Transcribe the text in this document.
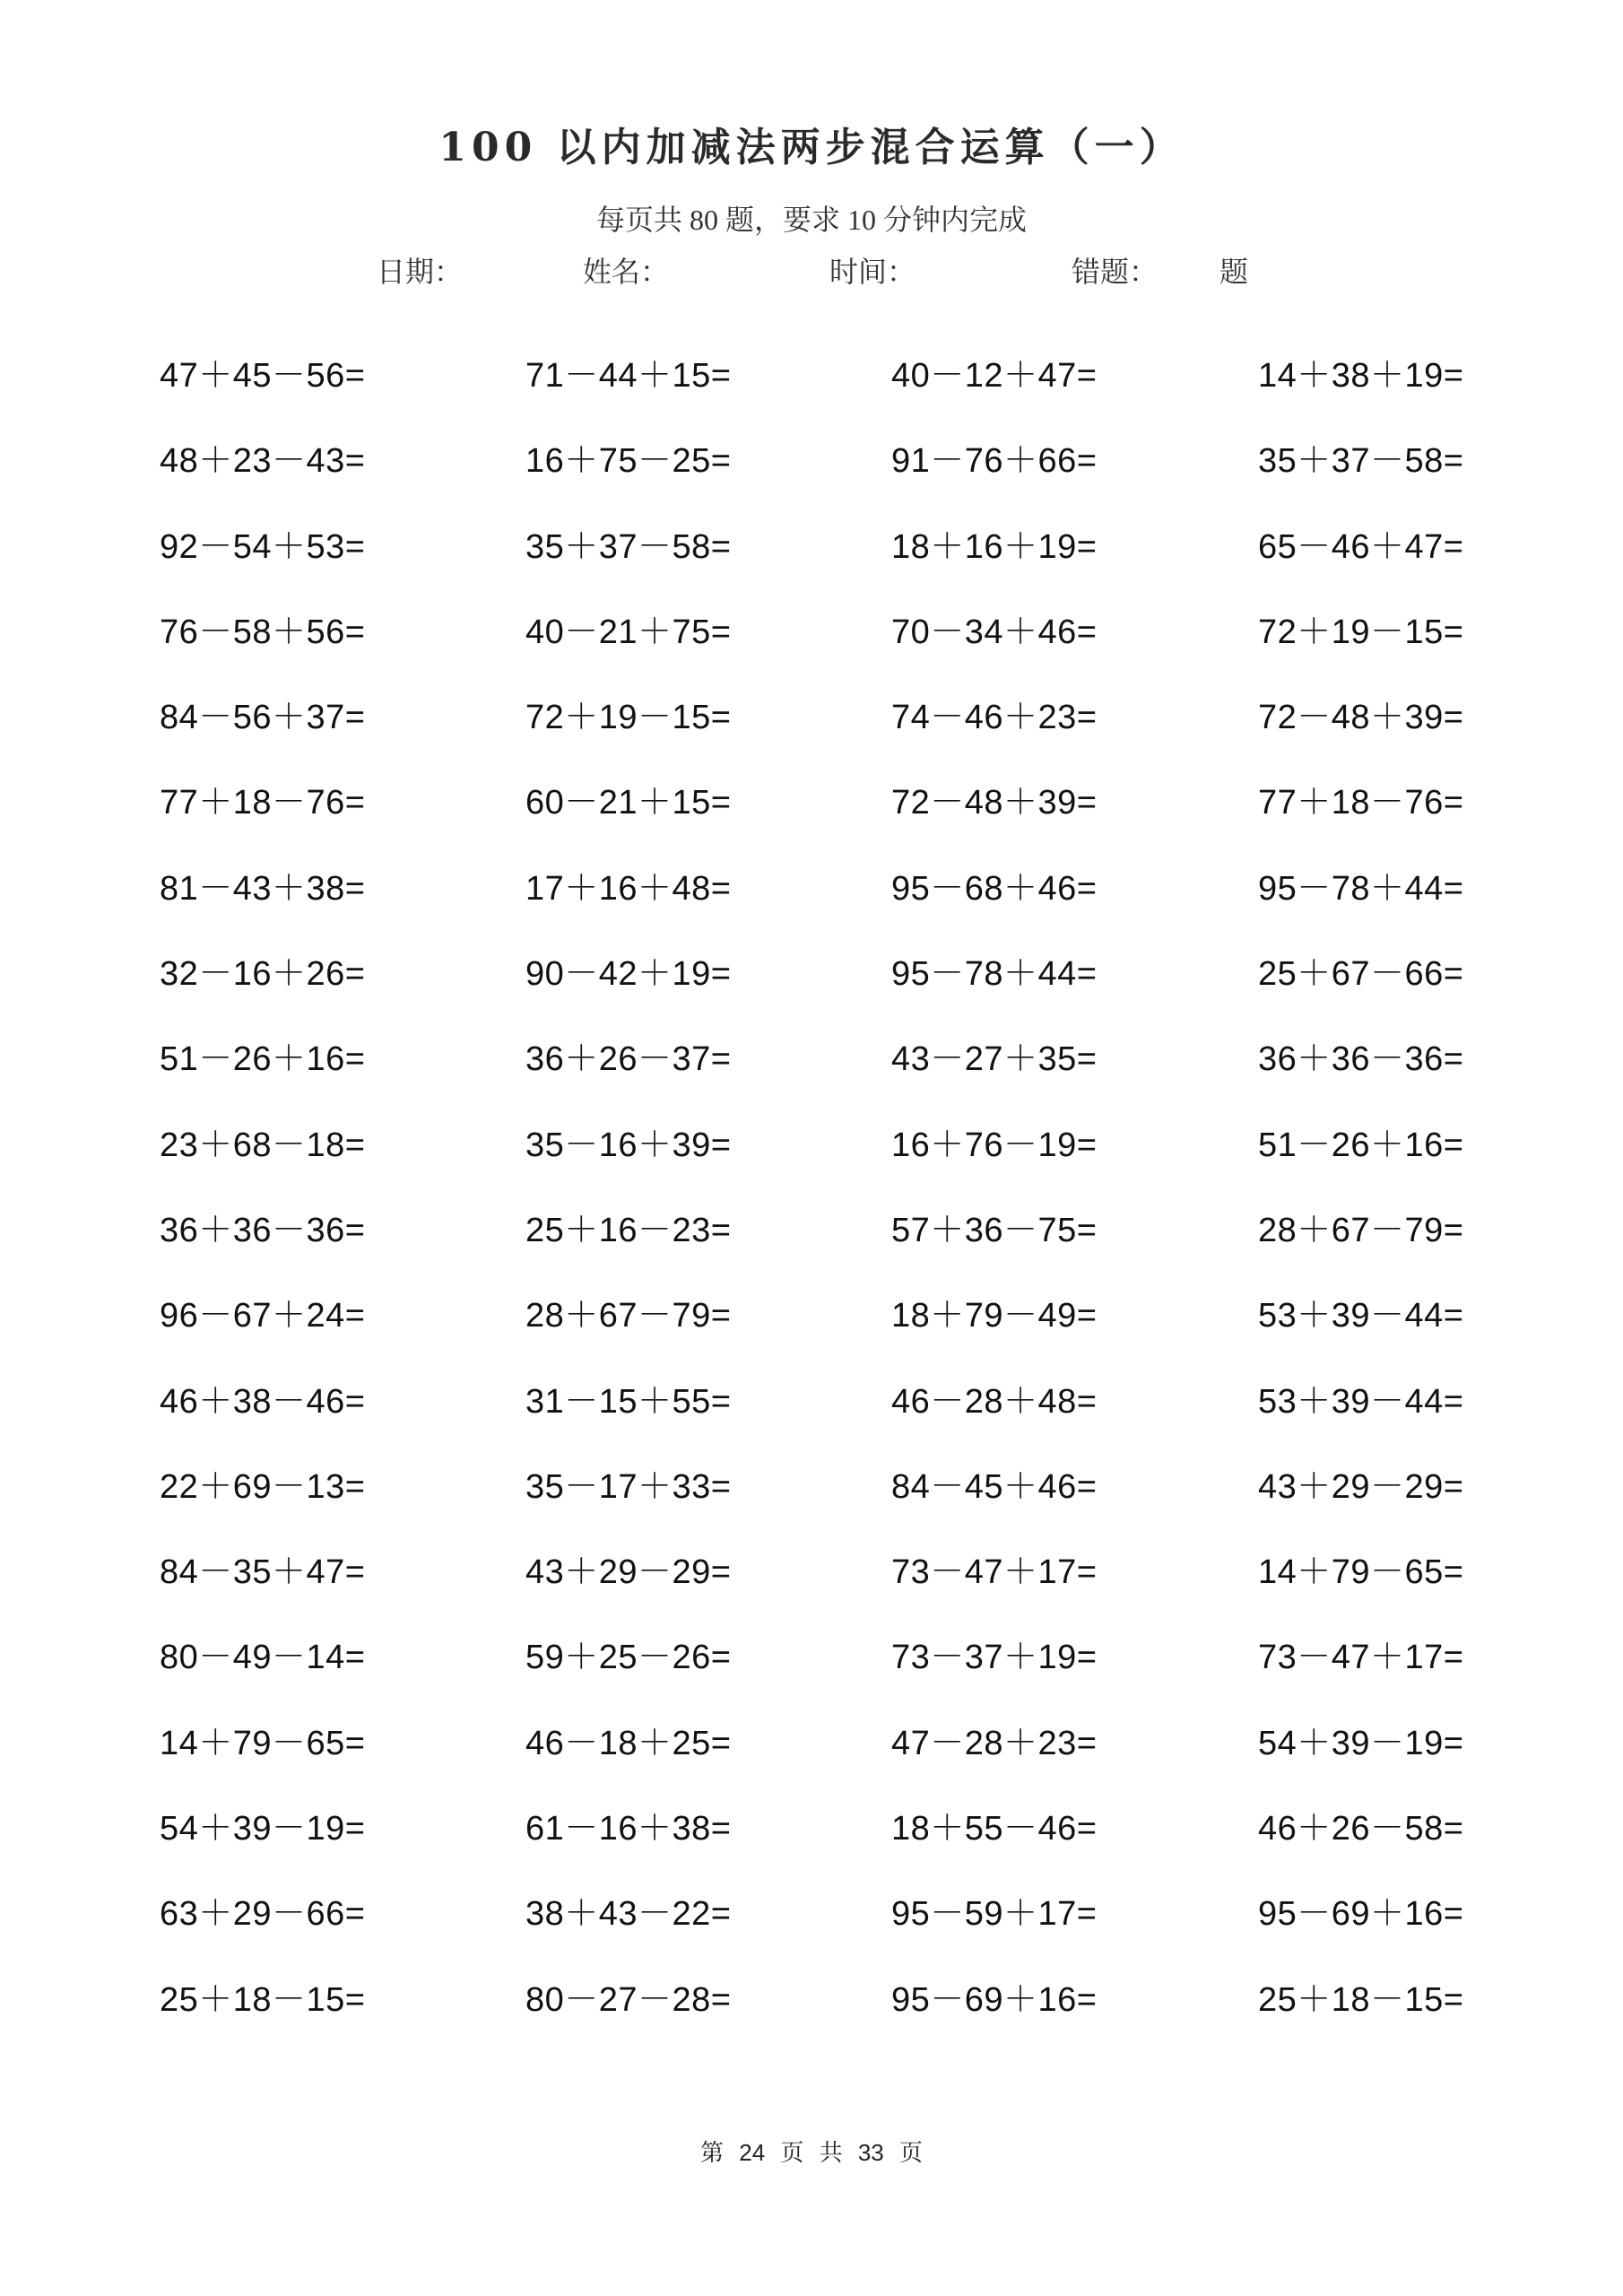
100 以内加减法两步混合运算（一）
每页共 80 题，要求 10 分钟内完成
日期：	姓名：	时间：	错题： 题
47＋45－56=	71－44＋15=	40－12＋47=	14＋38＋19=
48＋23－43=	16＋75－25=	91－76＋66=	35＋37－58=
92－54＋53=	35＋37－58=	18＋16＋19=	65－46＋47=
76－58＋56=	40－21＋75=	70－34＋46=	72＋19－15=
84－56＋37=	72＋19－15=	74－46＋23=	72－48＋39=
77＋18－76=	60－21＋15=	72－48＋39=	77＋18－76=
81－43＋38=	17＋16＋48=	95－68＋46=	95－78＋44=
32－16＋26=	90－42＋19=	95－78＋44=	25＋67－66=
51－26＋16=	36＋26－37=	43－27＋35=	36＋36－36=
23＋68－18=	35－16＋39=	16＋76－19=	51－26＋16=
36＋36－36=	25＋16－23=	57＋36－75=	28＋67－79=
96－67＋24=	28＋67－79=	18＋79－49=	53＋39－44=
46＋38－46=	31－15＋55=	46－28＋48=	53＋39－44=
22＋69－13=	35－17＋33=	84－45＋46=	43＋29－29=
84－35＋47=	43＋29－29=	73－47＋17=	14＋79－65=
80－49－14=	59＋25－26=	73－37＋19=	73－47＋17=
14＋79－65=	46－18＋25=	47－28＋23=	54＋39－19=
54＋39－19=	61－16＋38=	18＋55－46=	46＋26－58=
63＋29－66=	38＋43－22=	95－59＋17=	95－69＋16=
25＋18－15=	80－27－28=	95－69＋16=	25＋18－15=
第 24 页 共 33 页
